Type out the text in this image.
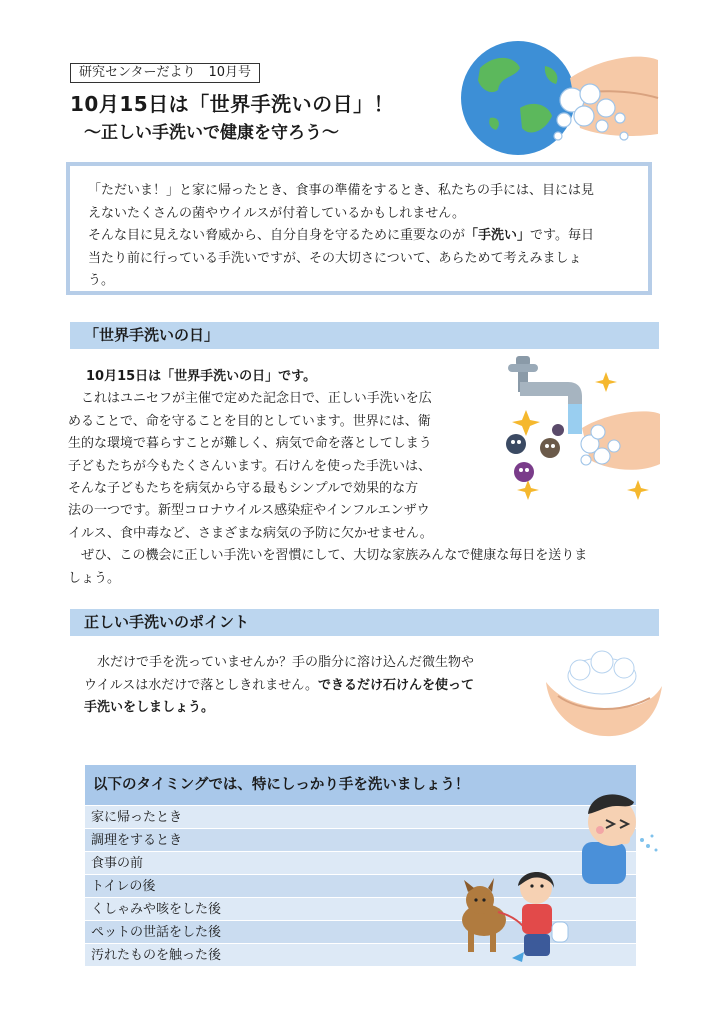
研究センターだより　10月号
10月15日は「世界手洗いの日」！
～正しい手洗いで健康を守ろう～

「ただいま！」と家に帰ったとき、食事の準備をするとき、私たちの手には、目には見

えないたくさんの菌やウイルスが付着しているかもしれません。

そんな目に見えない脅威から、自分自身を守るために重要なのが「手洗い」です。毎日

当たり前に行っている手洗いですが、その大切さについて、あらためて考えみましょ

う。

「世界手洗いの日」

10月15日は「世界手洗いの日」です。

　これはユニセフが主催で定めた記念日で、正しい手洗いを広

めることで、命を守ることを目的としています。世界には、衛

生的な環境で暮らすことが難しく、病気で命を落としてしまう

子どもたちが今もたくさんいます。石けんを使った手洗いは、

そんな子どもたちを病気から守る最もシンプルで効果的な方

法の一つです。新型コロナウイルス感染症やインフルエンザウ

イルス、食中毒など、さまざまな病気の予防に欠かせません。

　ぜひ、この機会に正しい手洗いを習慣にして、大切な家族みんなで健康な毎日を送りま

しょう。

正しい手洗いのポイント

　水だけで手を洗っていませんか？手の脂分に溶け込んだ微生物や

ウイルスは水だけで落としきれません。できるだけ石けんを使って

手洗いをしましょう。

以下のタイミングでは、特にしっかり手を洗いましょう！
家に帰ったとき
調理をするとき
食事の前
トイレの後
くしゃみや咳をした後
ペットの世話をした後
汚れたものを触った後
